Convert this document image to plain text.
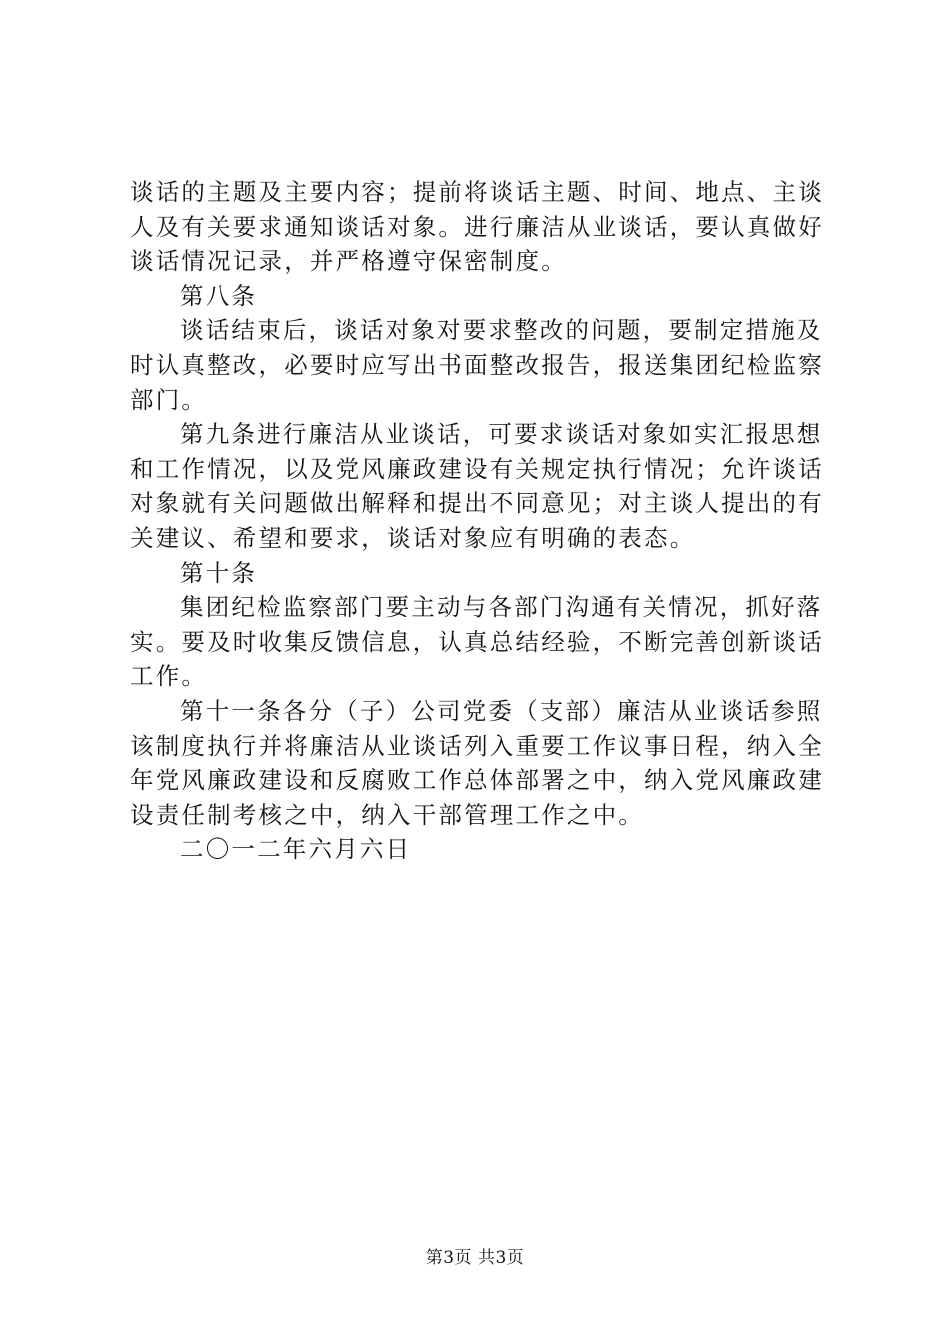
谈话的主题及主要内容；提前将谈话主题、时间、地点、主谈
人及有关要求通知谈话对象。进行廉洁从业谈话，要认真做好
谈话情况记录，并严格遵守保密制度。
第八条
谈话结束后，谈话对象对要求整改的问题，要制定措施及
时认真整改，必要时应写出书面整改报告，报送集团纪检监察
部门。
第九条进行廉洁从业谈话，可要求谈话对象如实汇报思想
和工作情况，以及党风廉政建设有关规定执行情况；允许谈话
对象就有关问题做出解释和提出不同意见；对主谈人提出的有
关建议、希望和要求，谈话对象应有明确的表态。
第十条
集团纪检监察部门要主动与各部门沟通有关情况，抓好落
实。要及时收集反馈信息，认真总结经验，不断完善创新谈话
工作。
第十一条各分（子）公司党委（支部）廉洁从业谈话参照
该制度执行并将廉洁从业谈话列入重要工作议事日程，纳入全
年党风廉政建设和反腐败工作总体部署之中，纳入党风廉政建
设责任制考核之中，纳入干部管理工作之中。
二〇一二年六月六日
第3页 共3页
